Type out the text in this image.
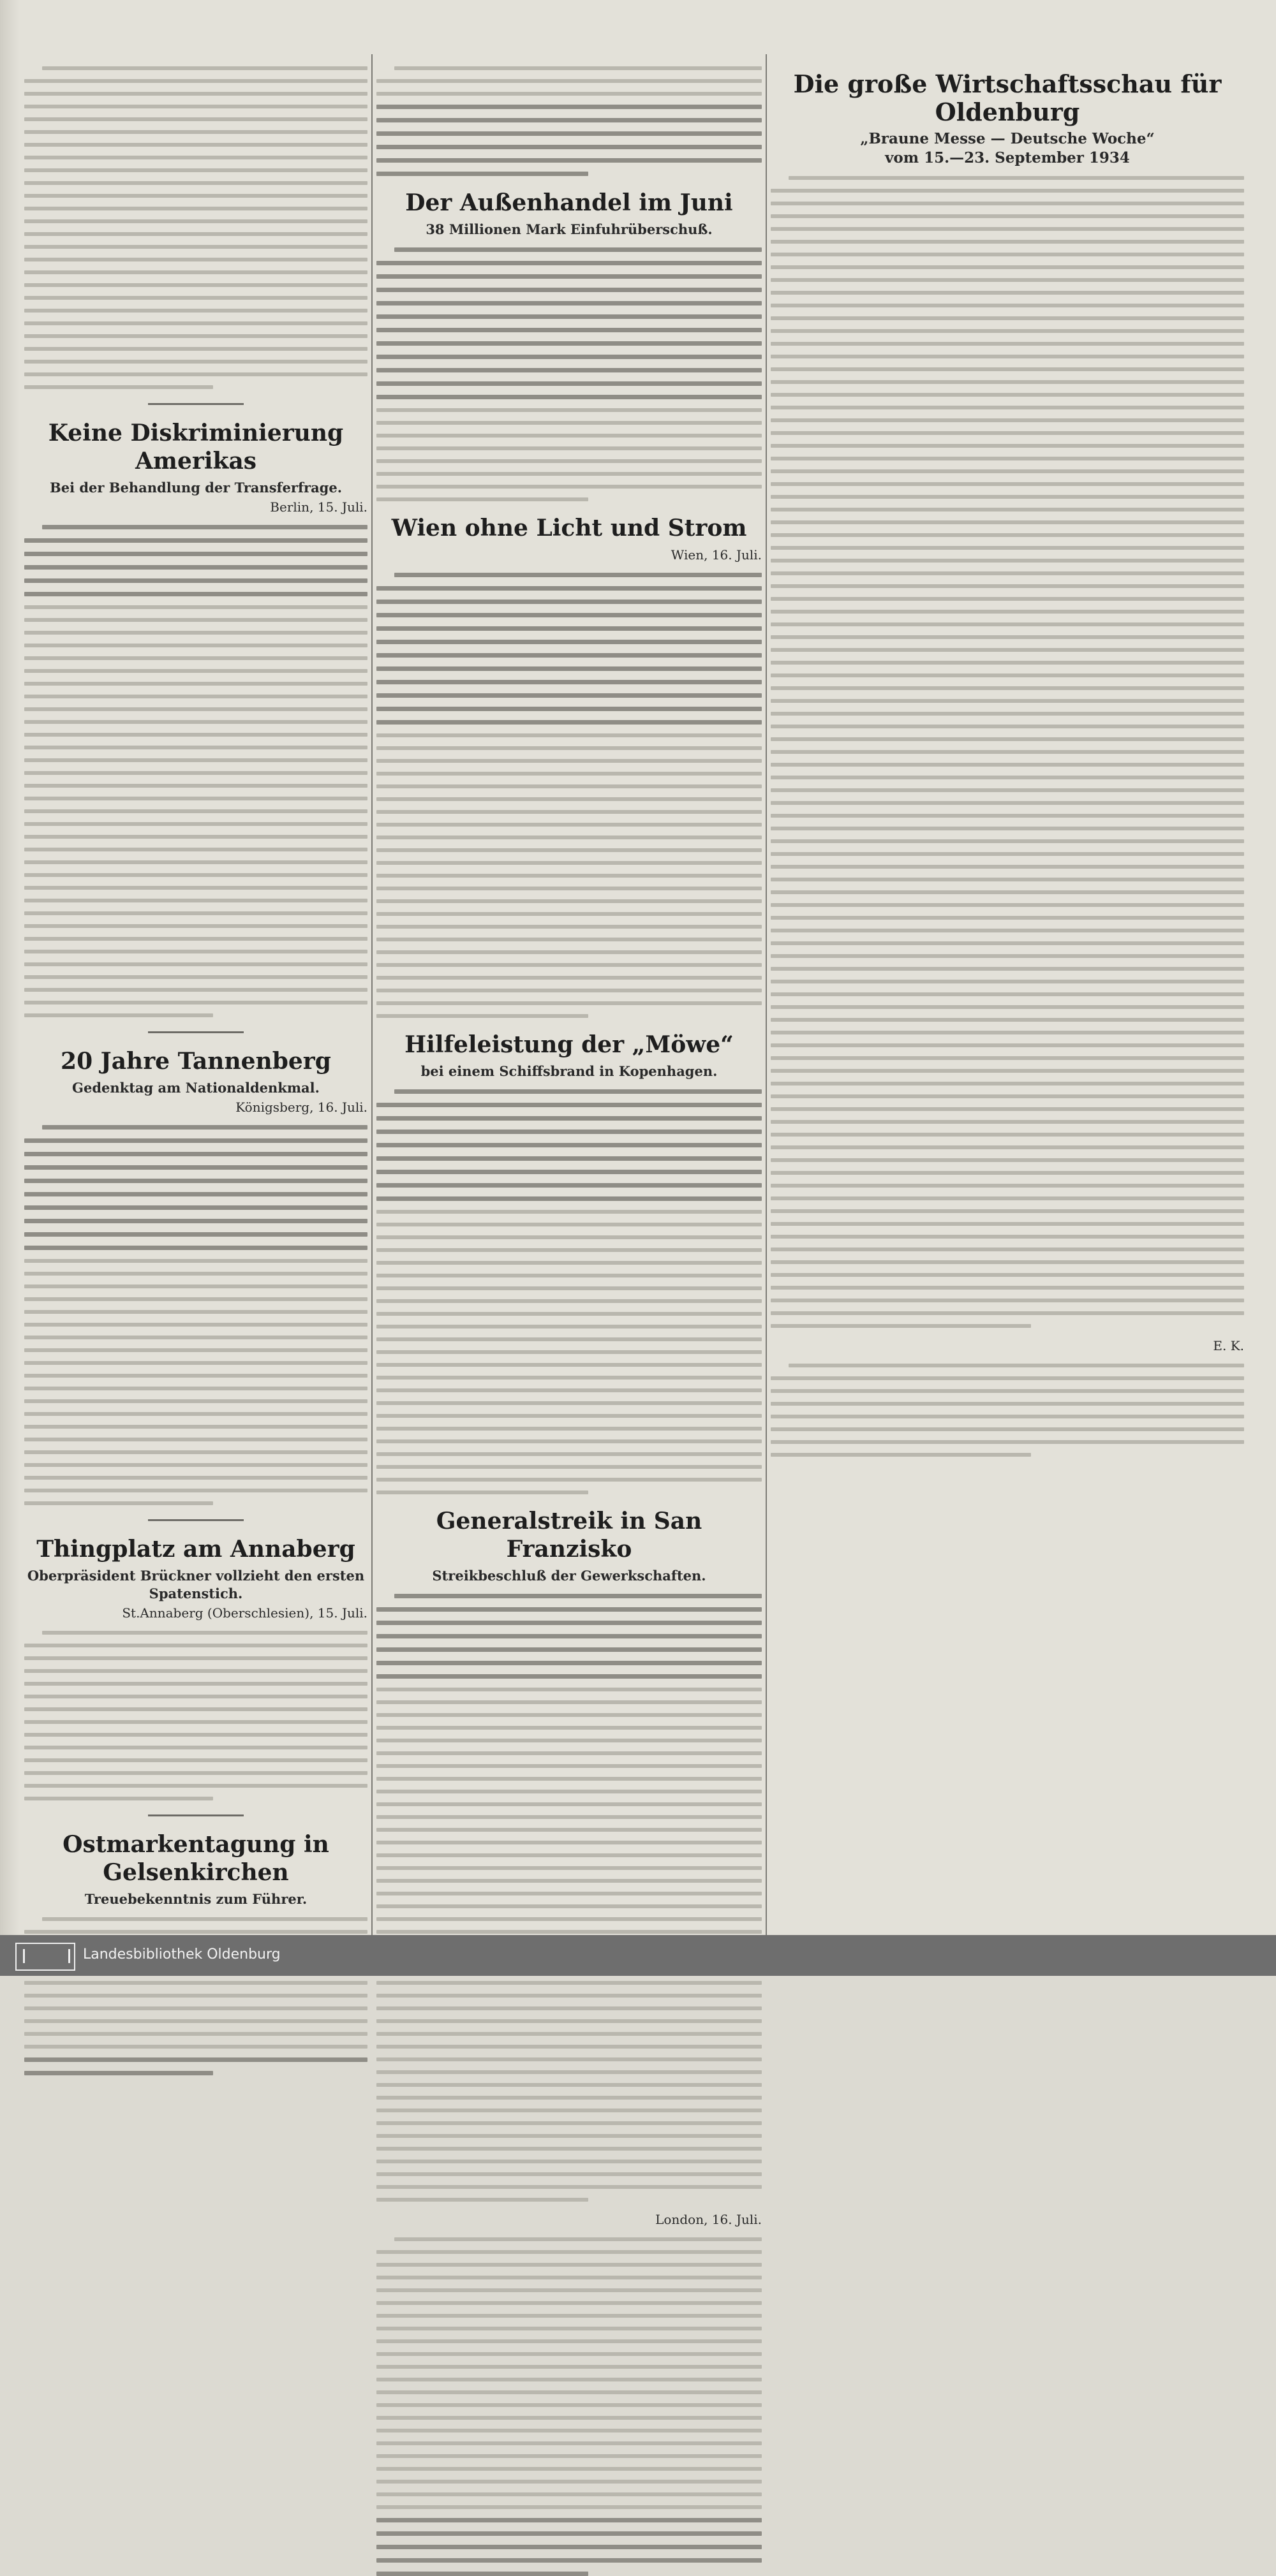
Keine Diskriminierung Amerikas
Bei der Behandlung der Transferfrage.
Berlin, 15. Juli.
20 Jahre Tannenberg
Gedenktag am Nationaldenkmal.
Königsberg, 16. Juli.
Thingplatz am Annaberg
Oberpräsident Brückner vollzieht den ersten Spatenstich.
St.Annaberg (Oberschlesien), 15. Juli.
Ostmarkentagung in Gelsenkirchen
Treuebekenntnis zum Führer.
Der Außenhandel im Juni
38 Millionen Mark Einfuhrüberschuß.
Wien ohne Licht und Strom
Wien, 16. Juli.
Hilfeleistung der „Möwe“
bei einem Schiffsbrand in Kopenhagen.
Generalstreik in San Franzisko
Streikbeschluß der Gewerkschaften.
London, 16. Juli.
Die große Wirtschaftsschau für Oldenburg
„Braune Messe — Deutsche Woche“
vom 15.—23. September 1934
E. K.
Landesbibliothek Oldenburg
